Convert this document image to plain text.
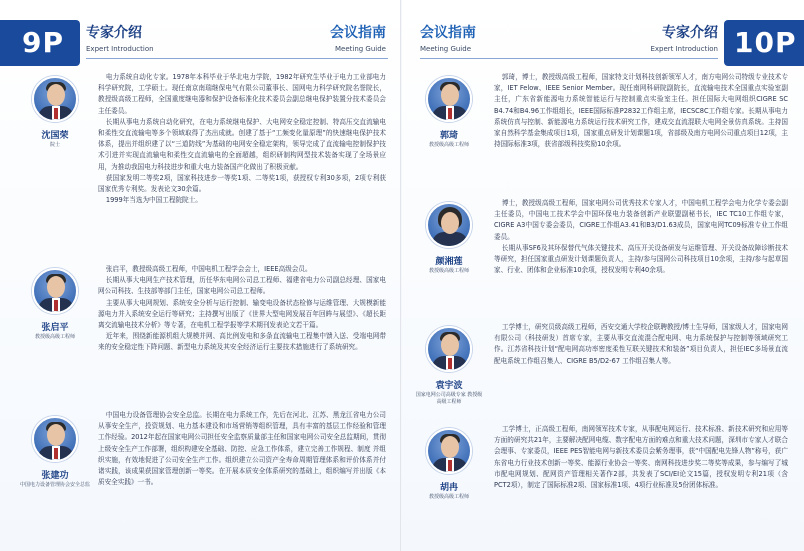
9P	专家介绍
Expert Introduction
会议指南
Meeting Guide
沈国荣
院士

电力系统自动化专家。1978年本科毕业于华北电力学院，1982年研究生毕业于电力工业部电力科学研究院，工学硕士。现任南京南瑞继保电气有限公司董事长、国网电力科学研究院名誉院长，教授级高级工程师，全国重度继电器和保护设备标准化技术委员会副总继电保护装置分技术委员会主任委员。

长期从事电力系统自动化研究，在电力系统继电保护、大电网安全稳定控制、特高压交直流输电和柔性交直流输电等多个领域取得了杰出成就。创建了基于“工频变化量原理”的快速继电保护技术体系，提出并组织建了以“三道防线”为基础的电网安全稳定架构，领导完成了直流输电控制保护技术引进并实现直流输电和柔性交直流输电的全面超越，组织研制构网型技术装备实现了全场景应用，为推动我国电力科技进步和重大电力装备国产化做出了积极贡献。

获国家发明二等奖2项，国家科技进步一等奖1项、二等奖1项，获授权专利30多项，2项专利获国家优秀专利奖。发表论文30余篇。

1999年当选为中国工程院院士。

张启平
教授级高级工程师

张启平，教授级高级工程师，中国电机工程学会会士，IEEE高级会员。

长期从事大电网生产技术管理，历任华东电网公司总工程师、福建省电力公司副总经理、国家电网公司科技、生技部等部门主任，国家电网公司总工程师。

主要从事大电网规划、系统安全分析与运行控制、输变电设备状态检修与运维管理、大规模新能源电力并入系统安全运行等研究；主持撰写出版了《世界大型电网发展百年回眸与展望》、《超长距离交流输电技术分析》等专著，在电机工程学报等学术期刊发表论文若干篇。

近年来，围绕新能源机组大规模并网、高比例发电和多条直流输电工程集中馈入送、受端电网带来的安全稳定性下降问题、新型电力系统及其安全经济运行主要技术措施进行了系统研究。

张建功
中国电力设备管理协会安全总监

中国电力设备管理协会安全总监。长期在电力系统工作，先后在河北、江苏、黑龙江省电力公司从事安全生产，投资规划、电力基本建设和市场营销等组织管理，具有丰富的基层工作经验和管理工作经验。2012年起在国家电网公司担任安全监察质量部主任和国家电网公司安全总监期间，贯彻上级安全生产工作部署，组织构建安全基础、防控、应急工作体系，建立完善工作规程、制度 并组织实施，有效地促进了公司安全生产工作。组织建立公司资产全寿命周期管理体系和评价体系并付诸实践，该成果获国家管理创新一等奖。在开展本质安全体系研究的基础上，组织编写并出版《本质安全实践》一书。

10P
会议指南
Meeting Guide
专家介绍
Expert Introduction
郭琦
教授级高级工程师

郭琦，博士，教授级高级工程师，国家特支计划科技创新领军人才，南方电网公司特级专业技术专家，IET Felow、IEEE Senior Member。现任南网科研院副院长，直流输电技术全国重点实验室副主任，广东省新能源电力系统智能运行与控制重点实验室主任。担任国际大电网组织CIGRE SC B4.74和B4.96工作组组长，IEEE国际标准P2832工作组主席，IECSC8C工作组专家。长期从事电力系统仿真与控制、新能源电力系统运行技术研究工作，建成交直流混联大电网全景仿真系统。主持国家自然科学基金集成项目1项，国家重点研发计划课题1项，省部级及南方电网公司重点项目12项，主持国际标准3项，获省部级科技奖励10余项。

颜湘莲
教授级高级工程师

博士，教授级高级工程师，国家电网公司优秀技术专家人才，中国电机工程学会电力化学专委会副主任委员，中国电工技术学会中国环保电力装备创新产业联盟副秘书长，IEC TC10工作组专家，CIGRE A3中国专委会委员，CIGRE工作组A3.41和B3/D1.63成员，国家电网TC09标准专业工作组委员。

长期从事SF6及其环保替代气体关键技术、高压开关设备研发与运维管理、开关设备故障诊断技术等研究，担任国家重点研发计划课题负责人，主持/参与国网公司科技项目10余项，主持/参与起草国家、行业、团体和企业标准10余项，授权发明专利40余项。

袁宇波
国家电网公司高级专家 教授级高级工程师

工学博士，研究员级高级工程师，西安交通大学校企联聘教授/博士生导师，国家级人才，国家电网有限公司（科技研发）首席专家，主要从事交直流混合配电网、电力系统保护与控制等领域研究工作。江苏省科技计划“配电网高功率密度柔性互联关键技术和装备”项目负责人，担任IEC多场景直流配电系统工作组召集人、CIGRE B5/D2-67 工作组召集人等。

胡冉
教授级高级工程师

工学博士，正高级工程师，南网领军技术专家，从事配电网运行、技术标准、新技术研究和应用等方面的研究共21年，主要解决配网电缆、数字配电方面的难点和重大技术问题，深圳市专家人才联合会理事、专家委员，IEEE PES智能电网与新技术委员会紫务理事，获“中国配电先锋人物”称号，获广东省电力行业技术创新一等奖、能源行业协会一等奖、南网科技进步奖二等奖等成果，参与编写了城市配电网规划、配网资产管理相关著作2部，共发表了SCI/EI论文15篇，授权发明专利21项（含PCT2项），制定了国际标准2项、国家标准1项、4项行业标准及5份团体标准。
